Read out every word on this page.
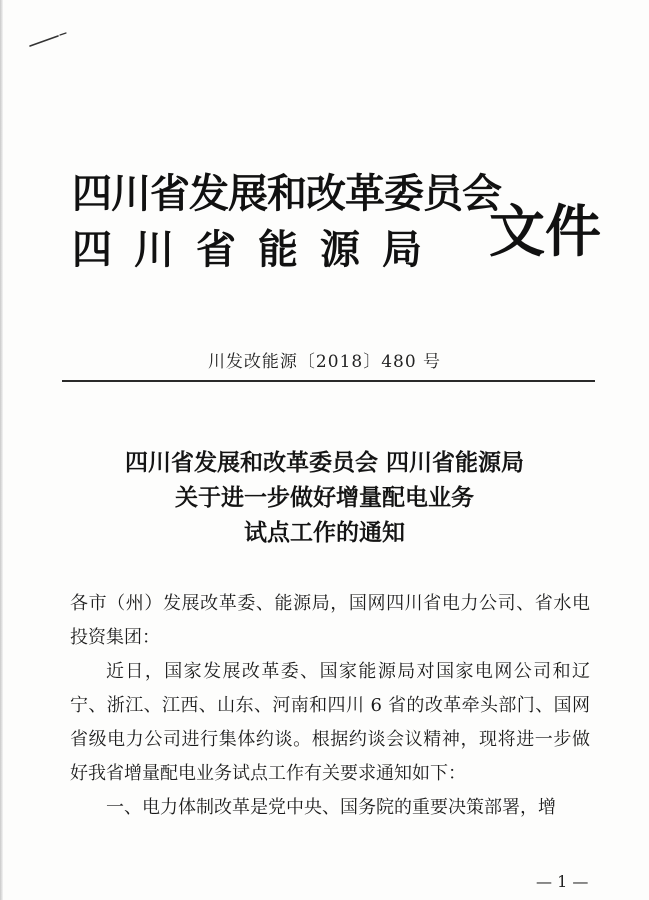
四川省发展和改革委员会
四川省能源局 文件
川发改能源〔2018〕480 号
四川省发展和改革委员会 四川省能源局
关于进一步做好增量配电业务
试点工作的通知

各市（州）发展改革委、能源局，国网四川省电力公司、省水电投资集团：

近日，国家发展改革委、国家能源局对国家电网公司和辽宁、浙江、江西、山东、河南和四川 6 省的改革牵头部门、国网省级电力公司进行集体约谈。根据约谈会议精神，现将进一步做好我省增量配电业务试点工作有关要求通知如下：

一、电力体制改革是党中央、国务院的重要决策部署，增

— 1 —
